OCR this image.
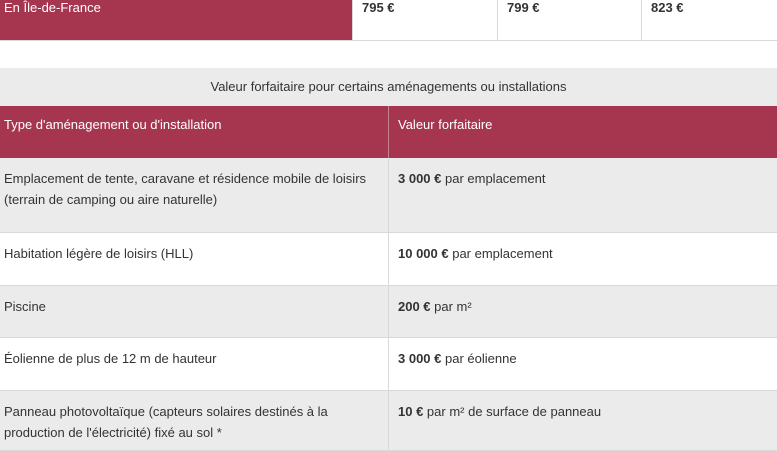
En Île-de-France	795 €	799 €	823 €
Valeur forfaitaire pour certains aménagements ou installations
Type d'aménagement ou d'installation	Valeur forfaitaire
Emplacement de tente, caravane et résidence mobile de loisirs (terrain de camping ou aire naturelle)	3 000 € par emplacement
Habitation légère de loisirs (HLL)	10 000 € par emplacement
Piscine	200 € par m²
Éolienne de plus de 12 m de hauteur	3 000 € par éolienne
Panneau photovoltaïque (capteurs solaires destinés à la production de l'électricité) fixé au sol *	10 € par m² de surface de panneau
